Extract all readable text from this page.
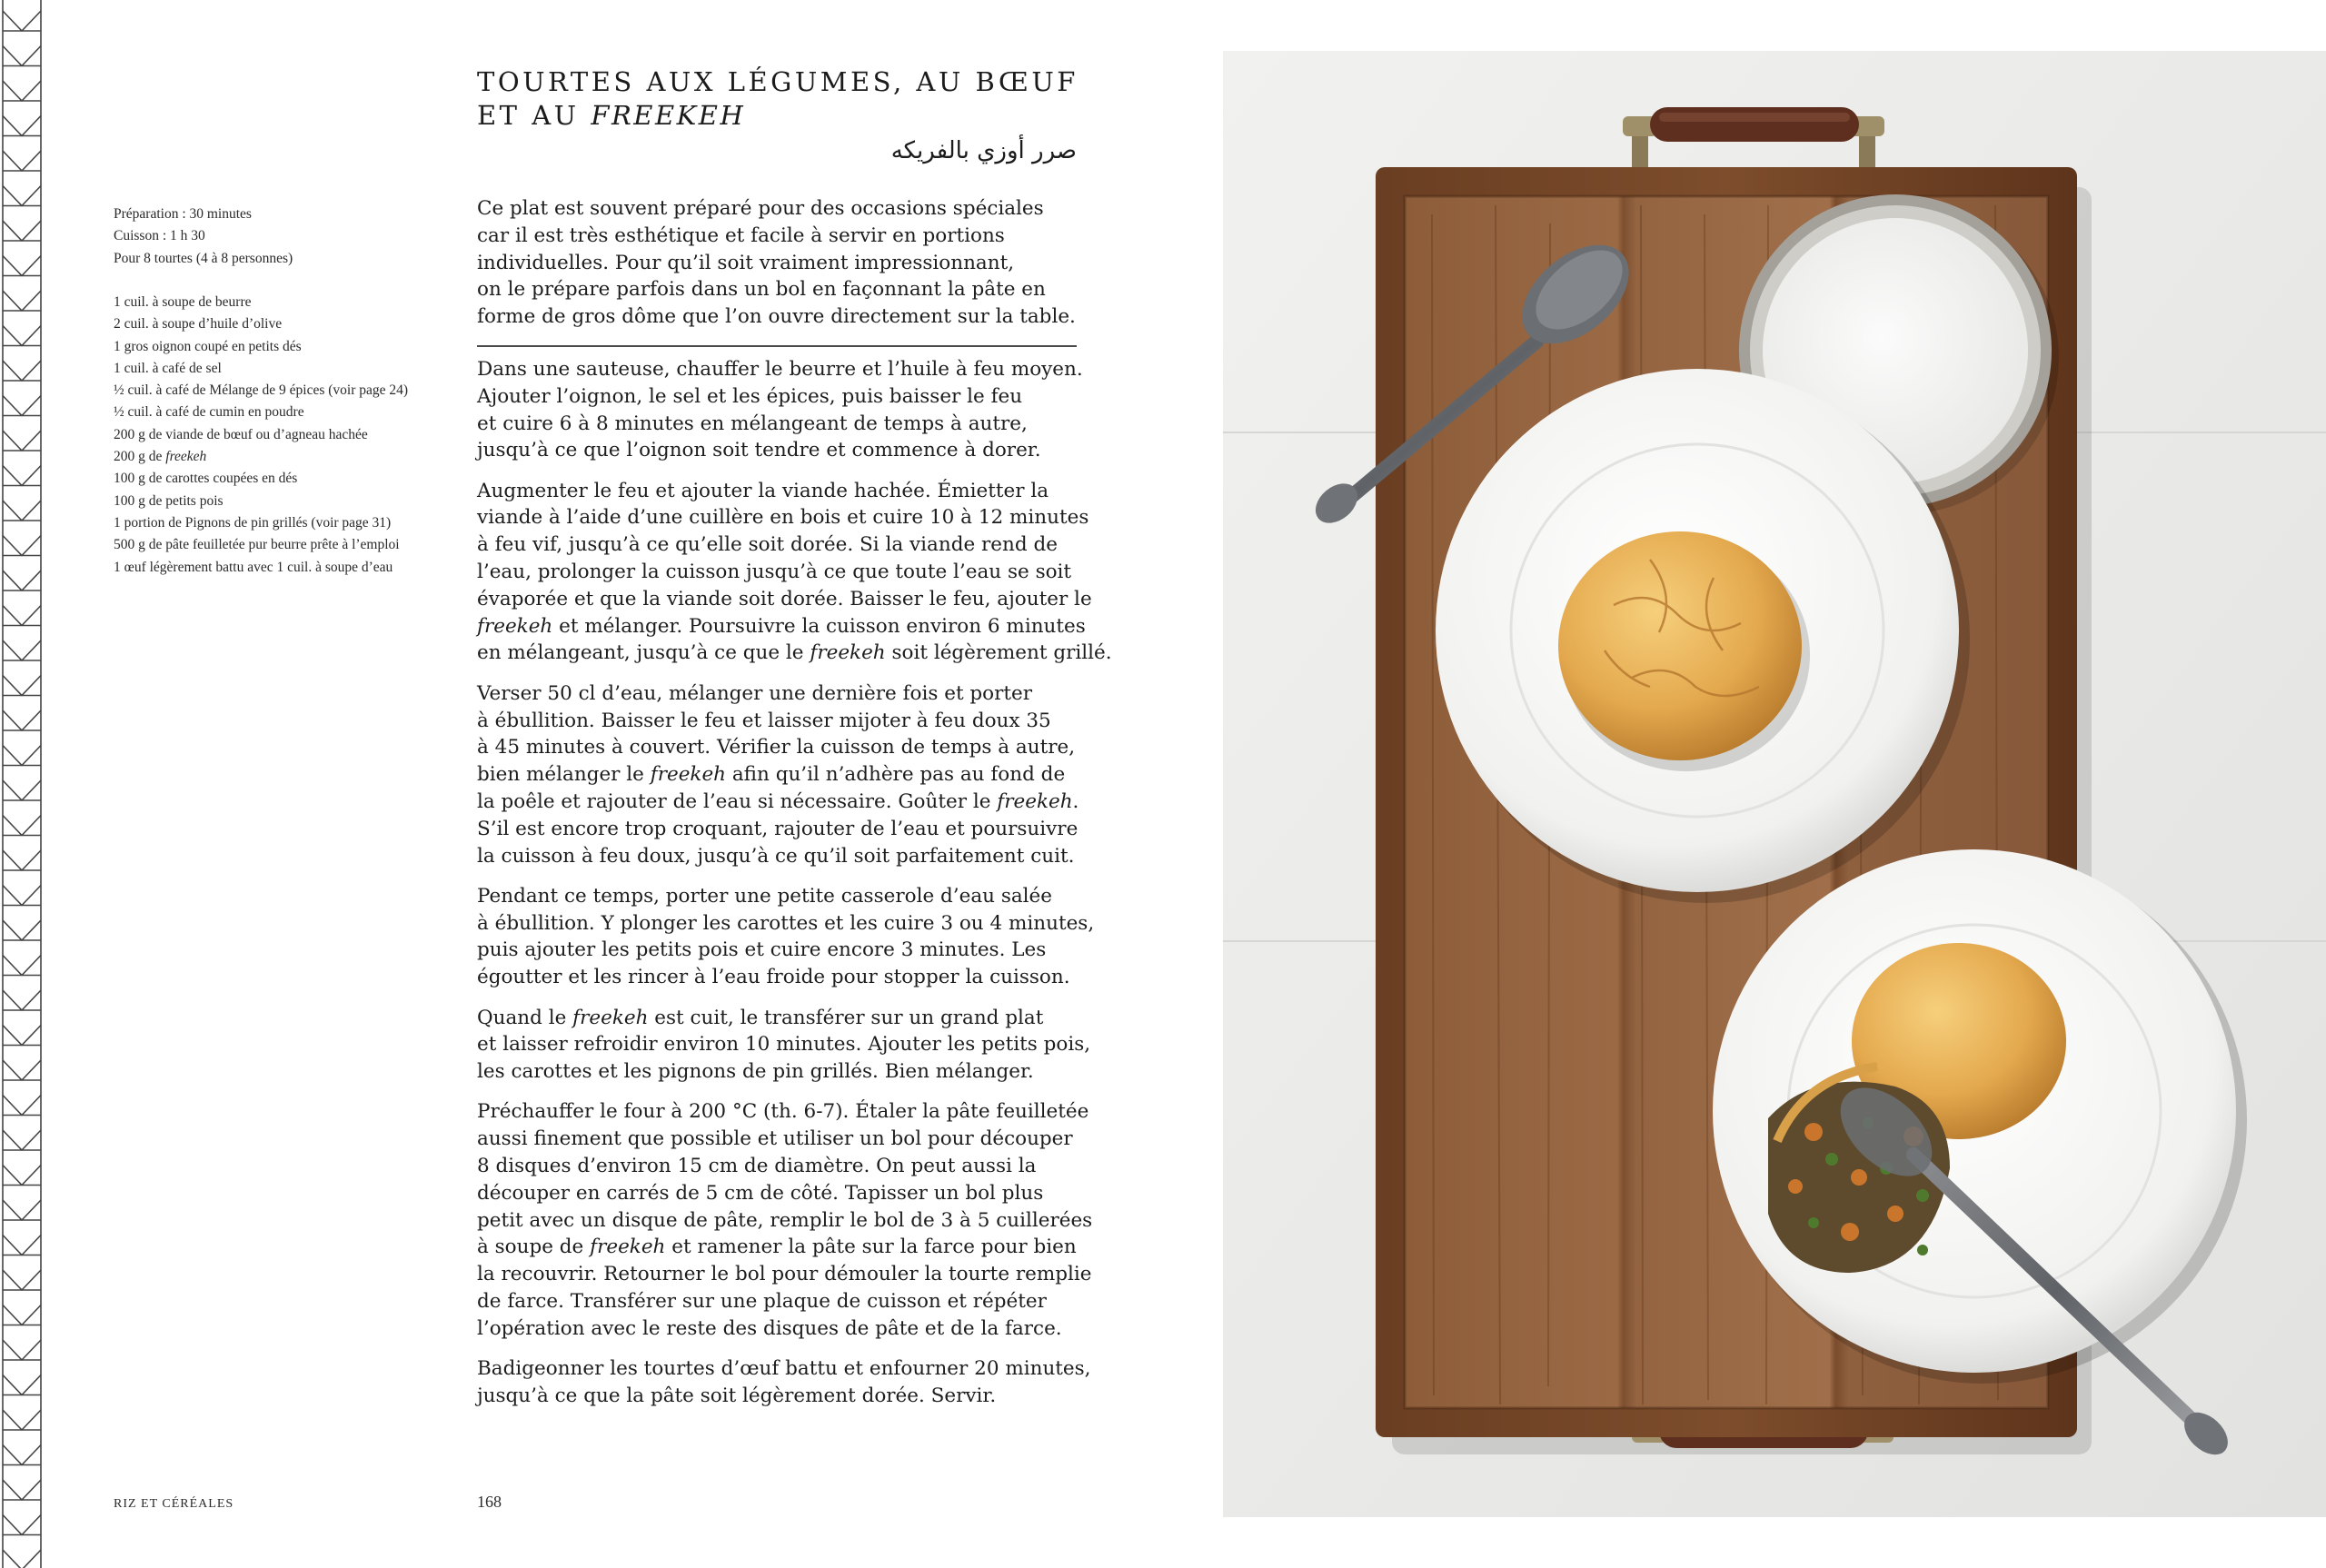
Préparation : 30 minutes
Cuisson : 1 h 30
Pour 8 tourtes (4 à 8 personnes)
1 cuil. à soupe de beurre
2 cuil. à soupe d’huile d’olive
1 gros oignon coupé en petits dés
1 cuil. à café de sel
½ cuil. à café de Mélange de 9 épices (voir page 24)
½ cuil. à café de cumin en poudre
200 g de viande de bœuf ou d’agneau hachée
200 g de freekeh
100 g de carottes coupées en dés
100 g de petits pois
1 portion de Pignons de pin grillés (voir page 31)
500 g de pâte feuilletée pur beurre prête à l’emploi
1 œuf légèrement battu avec 1 cuil. à soupe d’eau
TOURTES AUX LÉGUMES, AU BŒUF
ET AU FREEKEH
صرر أوزي بالفريكه
Ce plat est souvent préparé pour des occasions spéciales
car il est très esthétique et facile à servir en portions
individuelles. Pour qu’il soit vraiment impressionnant,
on le prépare parfois dans un bol en façonnant la pâte en
forme de gros dôme que l’on ouvre directement sur la table.

Dans une sauteuse, chauffer le beurre et l’huile à feu moyen.
Ajouter l’oignon, le sel et les épices, puis baisser le feu
et cuire 6 à 8 minutes en mélangeant de temps à autre,
jusqu’à ce que l’oignon soit tendre et commence à dorer.

Augmenter le feu et ajouter la viande hachée. Émietter la
viande à l’aide d’une cuillère en bois et cuire 10 à 12 minutes
à feu vif, jusqu’à ce qu’elle soit dorée. Si la viande rend de
l’eau, prolonger la cuisson jusqu’à ce que toute l’eau se soit
évaporée et que la viande soit dorée. Baisser le feu, ajouter le
freekeh et mélanger. Poursuivre la cuisson environ 6 minutes
en mélangeant, jusqu’à ce que le freekeh soit légèrement grillé.

Verser 50 cl d’eau, mélanger une dernière fois et porter
à ébullition. Baisser le feu et laisser mijoter à feu doux 35
à 45 minutes à couvert. Vérifier la cuisson de temps à autre,
bien mélanger le freekeh afin qu’il n’adhère pas au fond de
la poêle et rajouter de l’eau si nécessaire. Goûter le freekeh.
S’il est encore trop croquant, rajouter de l’eau et poursuivre
la cuisson à feu doux, jusqu’à ce qu’il soit parfaitement cuit.

Pendant ce temps, porter une petite casserole d’eau salée
à ébullition. Y plonger les carottes et les cuire 3 ou 4 minutes,
puis ajouter les petits pois et cuire encore 3 minutes. Les
égoutter et les rincer à l’eau froide pour stopper la cuisson.

Quand le freekeh est cuit, le transférer sur un grand plat
et laisser refroidir environ 10 minutes. Ajouter les petits pois,
les carottes et les pignons de pin grillés. Bien mélanger.

Préchauffer le four à 200 °C (th. 6-7). Étaler la pâte feuilletée
aussi finement que possible et utiliser un bol pour découper
8 disques d’environ 15 cm de diamètre. On peut aussi la
découper en carrés de 5 cm de côté. Tapisser un bol plus
petit avec un disque de pâte, remplir le bol de 3 à 5 cuillerées
à soupe de freekeh et ramener la pâte sur la farce pour bien
la recouvrir. Retourner le bol pour démouler la tourte remplie
de farce. Transférer sur une plaque de cuisson et répéter
l’opération avec le reste des disques de pâte et de la farce.

Badigeonner les tourtes d’œuf battu et enfourner 20 minutes,
jusqu’à ce que la pâte soit légèrement dorée. Servir.

RIZ ET CÉRÉALES	168
